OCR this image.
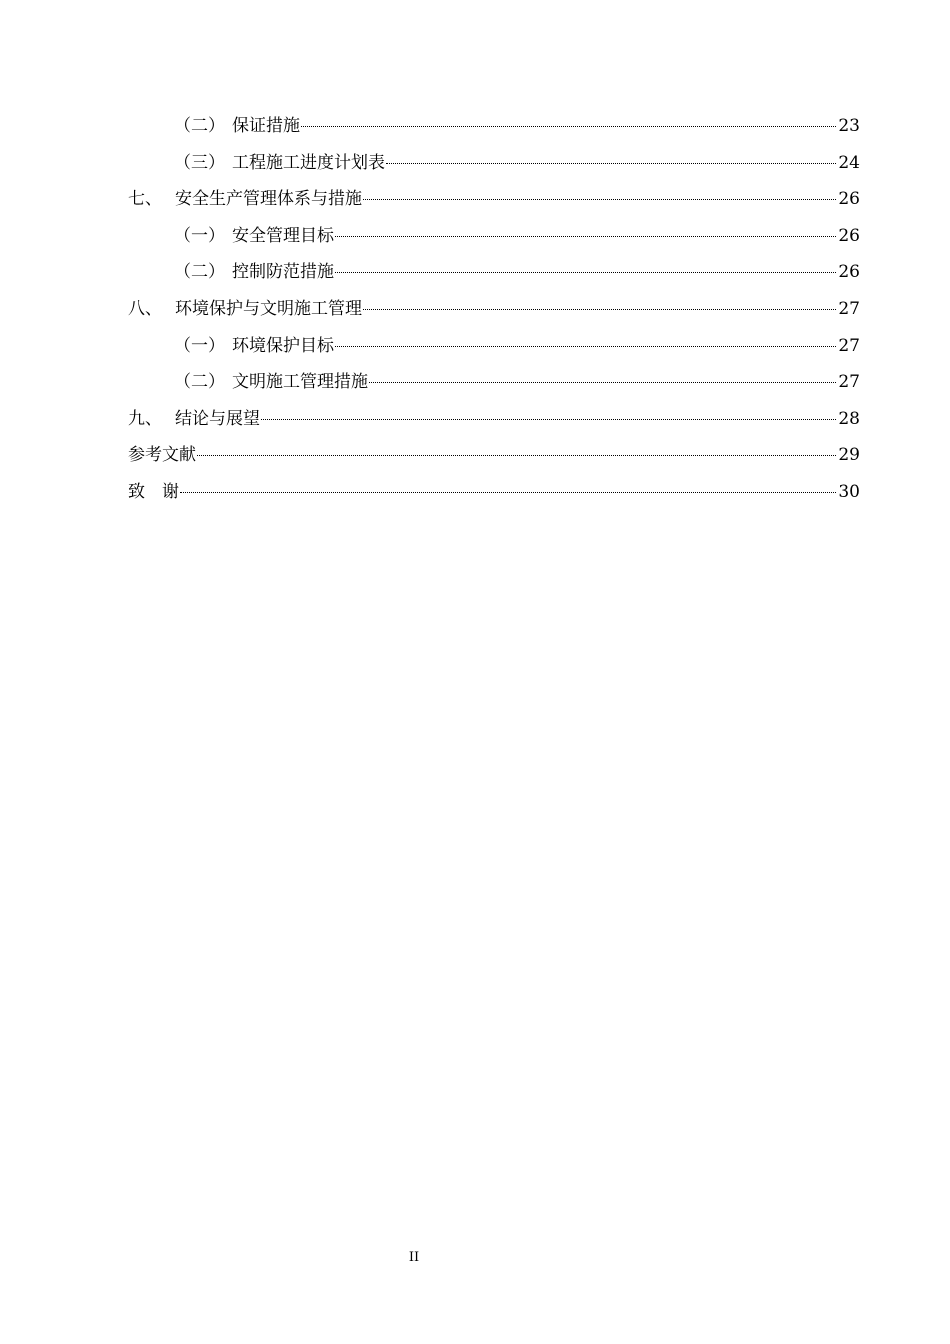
（二） 保证措施	23
（三） 工程施工进度计划表	24
七、 安全生产管理体系与措施	26
（一） 安全管理目标	26
（二） 控制防范措施	26
八、 环境保护与文明施工管理	27
（一） 环境保护目标	27
（二） 文明施工管理措施	27
九、 结论与展望	28
参考文献	29
致　谢	30
II
